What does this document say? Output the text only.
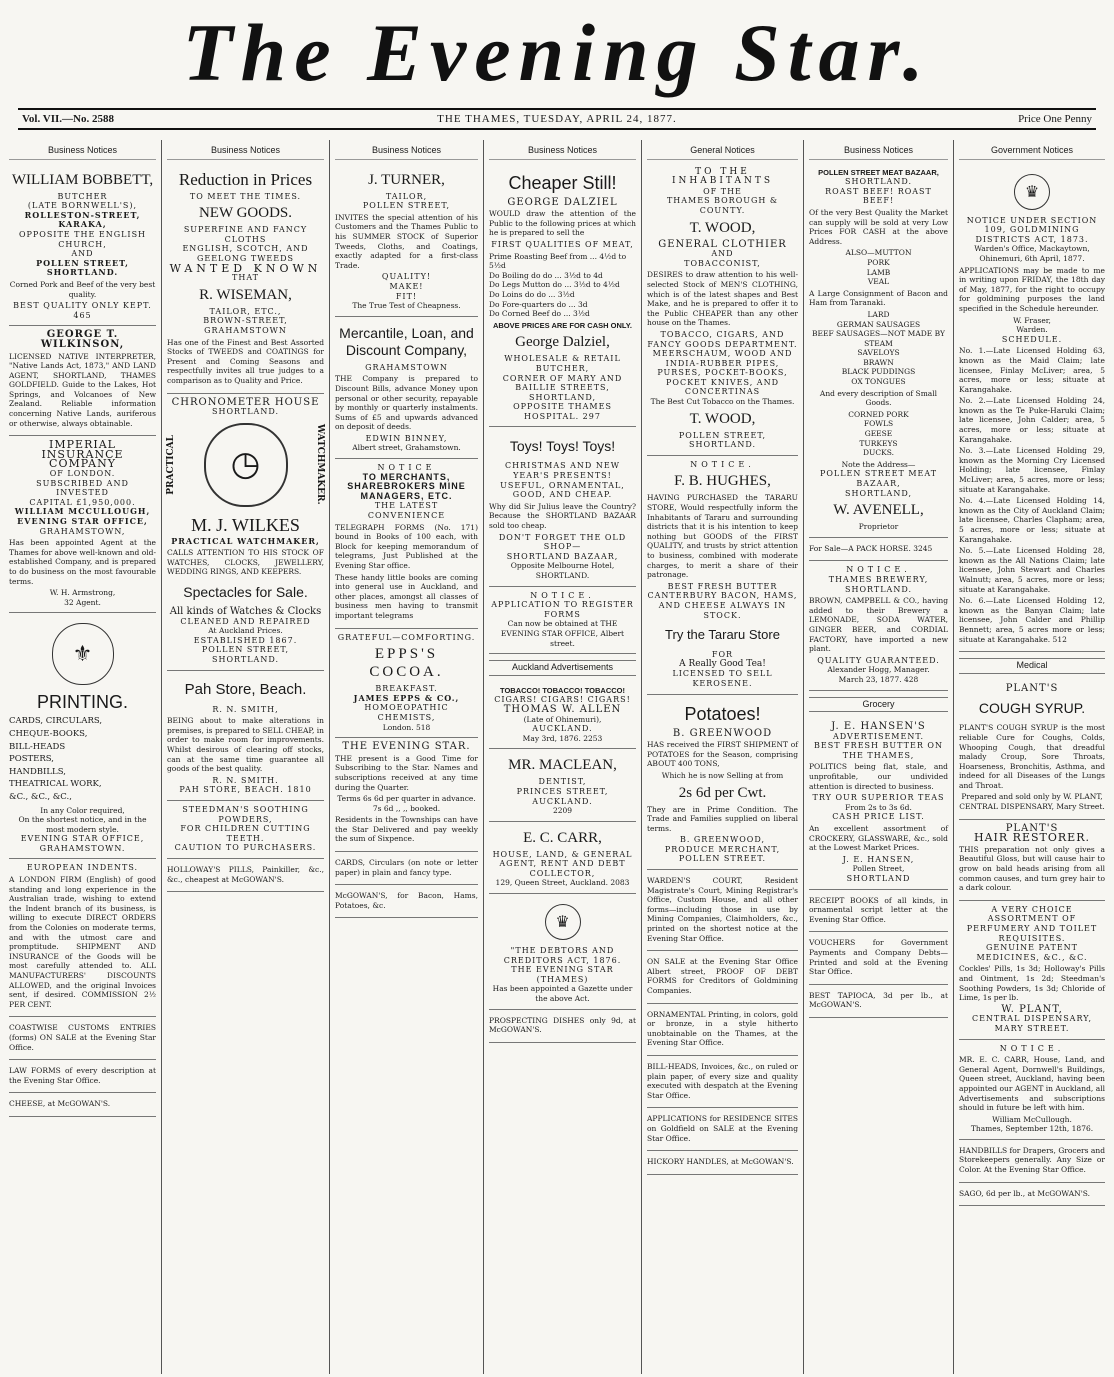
The Evening Star.
Vol. VII.—No. 2588	THE THAMES, TUESDAY, APRIL 24, 1877.	Price One Penny
Business Notices
WILLIAM BOBBETT,
BUTCHER
(LATE BORNWELL'S),
ROLLESTON-STREET, KARAKA,
OPPOSITE THE ENGLISH CHURCH,
AND
POLLEN STREET, SHORTLAND.

Corned Pork and Beef of the very best quality.

BEST QUALITY ONLY KEPT. 465
GEORGE T. WILKINSON,

LICENSED NATIVE INTERPRETER, "Native Lands Act, 1873," AND LAND AGENT, SHORTLAND, THAMES GOLDFIELD. Guide to the Lakes, Hot Springs, and Volcanoes of New Zealand. Reliable information concerning Native Lands, auriferous or otherwise, always obtainable.

IMPERIAL
INSURANCE COMPANY
OF LONDON.
SUBSCRIBED AND INVESTED
CAPITAL £1,950,000.
WILLIAM MCCULLOUGH,
EVENING STAR OFFICE,
GRAHAMSTOWN,

Has been appointed Agent at the Thames for above well-known and old-established Company, and is prepared to do business on the most favourable terms.

W. H. Armstrong,
32 Agent.
⚜
PRINTING.
CARDS, CIRCULARS,
CHEQUE-BOOKS,
BILL-HEADS
POSTERS,
HANDBILLS,
THEATRICAL WORK,
&C., &C., &C.,
In any Color required,
On the shortest notice, and in the most modern style.
EVENING STAR OFFICE,
GRAHAMSTOWN.
EUROPEAN INDENTS.

A LONDON FIRM (English) of good standing and long experience in the Australian trade, wishing to extend the Indent branch of its business, is willing to execute DIRECT ORDERS from the Colonies on moderate terms, and with the utmost care and promptitude. SHIPMENT AND INSURANCE of the Goods will be most carefully attended to. ALL MANUFACTURERS' DISCOUNTS ALLOWED, and the original Invoices sent, if desired. COMMISSION 2½ PER CENT.

COASTWISE CUSTOMS ENTRIES (forms) ON SALE at the Evening Star Office.

LAW FORMS of every description at the Evening Star Office.

CHEESE, at McGOWAN'S.

Business Notices
Reduction in Prices
TO MEET THE TIMES.
NEW GOODS.
SUPERFINE AND FANCY CLOTHS
ENGLISH, SCOTCH, AND GEELONG TWEEDS
WANTED KNOWN
THAT
R. WISEMAN,
TAILOR, ETC.,
BROWN-STREET, GRAHAMSTOWN

Has one of the Finest and Best Assorted Stocks of TWEEDS and COATINGS for Present and Coming Seasons and respectfully invites all true judges to a comparison as to Quality and Price.

CHRONOMETER HOUSE
SHORTLAND.
PRACTICAL	◷	WATCHMAKER.
M. J. WILKES
PRACTICAL WATCHMAKER,

CALLS ATTENTION TO HIS STOCK OF WATCHES, CLOCKS, JEWELLERY, WEDDING RINGS, AND KEEPERS.

Spectacles for Sale.
All kinds of Watches & Clocks
CLEANED AND REPAIRED
At Auckland Prices.
ESTABLISHED 1867.
POLLEN STREET, SHORTLAND.
Pah Store, Beach.
R. N. SMITH,

BEING about to make alterations in premises, is prepared to SELL CHEAP, in order to make room for improvements. Whilst desirous of clearing off stocks, can at the same time guarantee all goods of the best quality.

R. N. SMITH.
PAH STORE, BEACH. 1810
STEEDMAN'S SOOTHING POWDERS,
FOR CHILDREN CUTTING TEETH.
CAUTION TO PURCHASERS.

HOLLOWAY'S PILLS, Painkiller, &c., &c., cheapest at McGOWAN'S.

Business Notices
J. TURNER,
TAILOR,
POLLEN STREET,

INVITES the special attention of his Customers and the Thames Public to his SUMMER STOCK of Superior Tweeds, Cloths, and Coatings, exactly adapted for a first-class Trade.

QUALITY!
MAKE!
FIT!
The True Test of Cheapness.
Mercantile, Loan, and Discount Company,
GRAHAMSTOWN

THE Company is prepared to Discount Bills, advance Money upon personal or other security, repayable by monthly or quarterly instalments. Sums of £5 and upwards advanced on deposit of deeds.

EDWIN BINNEY,
Albert street, Grahamstown.
NOTICE
TO MERCHANTS, SHAREBROKERS MINE MANAGERS, ETC.
THE LATEST CONVENIENCE

TELEGRAPH FORMS (No. 171) bound in Books of 100 each, with Block for keeping memorandum of telegrams, Just Published at the Evening Star office.

These handy little books are coming into general use in Auckland, and other places, amongst all classes of business men having to transmit important telegrams

GRATEFUL—COMFORTING.
EPPS'S COCOA.
BREAKFAST.
JAMES EPPS & CO.,
HOMOEOPATHIC CHEMISTS,
London. 518
THE EVENING STAR.

THE present is a Good Time for Subscribing to the Star. Names and subscriptions received at any time during the Quarter.

Terms 6s 6d per quarter in advance.
7s 6d ,, ,, booked.

Residents in the Townships can have the Star Delivered and pay weekly the sum of Sixpence.

CARDS, Circulars (on note or letter paper) in plain and fancy type.

McGOWAN'S, for Bacon, Hams, Potatoes, &c.

Business Notices
Cheaper Still!
GEORGE DALZIEL

WOULD draw the attention of the Public to the following prices at which he is prepared to sell the

FIRST QUALITIES OF MEAT,
Prime Roasting Beef from ... 4½d to 5½d
Do Boiling do do ... 3½d to 4d
Do Legs Mutton do ... 3½d to 4½d
Do Loins do do ... 3½d
Do Fore-quarters do ... 3d
Do Corned Beef do ... 3½d
ABOVE PRICES ARE FOR CASH ONLY.
George Dalziel,
WHOLESALE & RETAIL BUTCHER,
CORNER OF MARY AND BAILLIE STREETS,
SHORTLAND,
OPPOSITE THAMES HOSPITAL. 297
Toys! Toys! Toys!
CHRISTMAS AND NEW YEAR'S PRESENTS!
USEFUL, ORNAMENTAL, GOOD, AND CHEAP.

Why did Sir Julius leave the Country? Because the SHORTLAND BAZAAR sold too cheap.

DON'T FORGET THE OLD SHOP—
SHORTLAND BAZAAR,
Opposite Melbourne Hotel, SHORTLAND.
NOTICE.
APPLICATION TO REGISTER FORMS
Can now be obtained at THE EVENING STAR OFFICE, Albert street.
Auckland Advertisements
TOBACCO! TOBACCO! TOBACCO!
CIGARS! CIGARS! CIGARS!
THOMAS W. ALLEN
(Late of Ohinemuri),
AUCKLAND.
May 3rd, 1876. 2253
MR. MACLEAN,
DENTIST,
PRINCES STREET, AUCKLAND.
2209
E. C. CARR,
HOUSE, LAND, & GENERAL AGENT, RENT AND DEBT COLLECTOR,
129, Queen Street, Auckland. 2083
♛
"THE DEBTORS AND CREDITORS ACT, 1876.
THE EVENING STAR (THAMES)
Has been appointed a Gazette under the above Act.

PROSPECTING DISHES only 9d, at McGOWAN'S.

General Notices
TO THE INHABITANTS
OF THE
THAMES BOROUGH & COUNTY.
T. WOOD,
GENERAL CLOTHIER
AND
TOBACCONIST,

DESIRES to draw attention to his well-selected Stock of MEN'S CLOTHING, which is of the latest shapes and Best Make, and he is prepared to offer it to the Public CHEAPER than any other house on the Thames.

TOBACCO, CIGARS, AND FANCY GOODS DEPARTMENT.
MEERSCHAUM, WOOD AND INDIA-RUBBER PIPES, PURSES, POCKET-BOOKS, POCKET KNIVES, AND CONCERTINAS
The Best Cut Tobacco on the Thames.
T. WOOD,
POLLEN STREET, SHORTLAND.
NOTICE.
F. B. HUGHES,

HAVING PURCHASED the TARARU STORE, Would respectfully inform the Inhabitants of Tararu and surrounding districts that it is his intention to keep nothing but GOODS of the FIRST QUALITY, and trusts by strict attention to business, combined with moderate charges, to merit a share of their patronage.

BEST FRESH BUTTER
CANTERBURY BACON, HAMS, AND CHEESE ALWAYS IN STOCK.
Try the Tararu Store
FOR
A Really Good Tea!
LICENSED TO SELL KEROSENE.
Potatoes!
B. GREENWOOD

HAS received the FIRST SHIPMENT of POTATOES for the Season, comprising ABOUT 400 TONS,

Which he is now Selling at from
2s 6d per Cwt.

They are in Prime Condition. The Trade and Families supplied on liberal terms.

B. GREENWOOD,
PRODUCE MERCHANT, POLLEN STREET.

WARDEN'S COURT, Resident Magistrate's Court, Mining Registrar's Office, Custom House, and all other forms—including those in use by Mining Companies, Claimholders, &c., printed on the shortest notice at the Evening Star Office.

ON SALE at the Evening Star Office Albert street, PROOF OF DEBT FORMS for Creditors of Goldmining Companies.

ORNAMENTAL Printing, in colors, gold or bronze, in a style hitherto unobtainable on the Thames, at the Evening Star Office.

BILL-HEADS, Invoices, &c., on ruled or plain paper, of every size and quality executed with despatch at the Evening Star Office.

APPLICATIONS for RESIDENCE SITES on Goldfield on SALE at the Evening Star Office.

HICKORY HANDLES, at McGOWAN'S.

Business Notices
POLLEN STREET MEAT BAZAAR,
SHORTLAND.
ROAST BEEF! ROAST BEEF!

Of the very Best Quality the Market can supply will be sold at very Low Prices FOR CASH at the above Address.

ALSO—MUTTON
PORK
LAMB
VEAL

A Large Consignment of Bacon and Ham from Taranaki.

LARD
GERMAN SAUSAGES
BEEF SAUSAGES—NOT MADE BY STEAM
SAVELOYS
BRAWN
BLACK PUDDINGS
OX TONGUES
And every description of Small Goods.
CORNED PORK
FOWLS
GEESE
TURKEYS
DUCKS.
Note the Address—
POLLEN STREET MEAT BAZAAR,
SHORTLAND,
W. AVENELL,
Proprietor

For Sale—A PACK HORSE. 3245

NOTICE.
THAMES BREWERY, SHORTLAND.

BROWN, CAMPBELL & CO., having added to their Brewery a LEMONADE, SODA WATER, GINGER BEER, and CORDIAL FACTORY, have imported a new plant.

QUALITY GUARANTEED.
Alexander Hogg, Manager.
March 23, 1877. 428
Grocery
J. E. HANSEN'S
ADVERTISEMENT.
BEST FRESH BUTTER ON THE THAMES,

POLITICS being flat, stale, and unprofitable, our undivided attention is directed to business.

TRY OUR SUPERIOR TEAS
From 2s to 3s 6d.
CASH PRICE LIST.

An excellent assortment of CROCKERY, GLASSWARE, &c., sold at the Lowest Market Prices.

J. E. HANSEN,
Pollen Street,
SHORTLAND

RECEIPT BOOKS of all kinds, in ornamental script letter at the Evening Star Office.

VOUCHERS for Government Payments and Company Debts—Printed and sold at the Evening Star Office.

BEST TAPIOCA, 3d per lb., at McGOWAN'S.

Government Notices
♛
NOTICE UNDER SECTION 109, GOLDMINING DISTRICTS ACT, 1873.
Warden's Office, Mackaytown, Ohinemuri, 6th April, 1877.

APPLICATIONS may be made to me in writing upon FRIDAY, the 18th day of May, 1877, for the right to occupy for goldmining purposes the land specified in the Schedule hereunder.

W. Fraser,
Warden.
SCHEDULE.

No. 1.—Late Licensed Holding 63, known as the Maid Claim; late licensee, Finlay McLiver; area, 5 acres, more or less; situate at Karangahake.

No. 2.—Late Licensed Holding 24, known as the Te Puke-Haruki Claim; late licensee, John Calder; area, 5 acres, more or less; situate at Karangahake.

No. 3.—Late Licensed Holding 29, known as the Morning Cry Licensed Holding; late licensee, Finlay McLiver; area, 5 acres, more or less; situate at Karangahake.

No. 4.—Late Licensed Holding 14, known as the City of Auckland Claim; late licensee, Charles Clapham; area, 5 acres, more or less; situate at Karangahake.

No. 5.—Late Licensed Holding 28, known as the All Nations Claim; late licensee, John Stewart and Charles Walnutt; area, 5 acres, more or less; situate at Karangahake.

No. 6.—Late Licensed Holding 12, known as the Banyan Claim; late licensee, John Calder and Phillip Bennett; area, 5 acres more or less; situate at Karangahake. 512

Medical
PLANT'S
COUGH SYRUP.

PLANT'S COUGH SYRUP is the most reliable Cure for Coughs, Colds, Whooping Cough, that dreadful malady Croup, Sore Throats, Hoarseness, Bronchitis, Asthma, and indeed for all Diseases of the Lungs and Throat.

Prepared and sold only by W. PLANT, CENTRAL DISPENSARY, Mary Street.

PLANT'S
HAIR RESTORER.

THIS preparation not only gives a Beautiful Gloss, but will cause hair to grow on bald heads arising from all common causes, and turn grey hair to a dark colour.

A VERY CHOICE ASSORTMENT OF PERFUMERY AND TOILET REQUISITES.
GENUINE PATENT MEDICINES, &C., &C.

Cockles' Pills, 1s 3d; Holloway's Pills and Ointment, 1s 2d; Steedman's Soothing Powders, 1s 3d; Chloride of Lime, 1s per lb.

W. PLANT,
CENTRAL DISPENSARY, MARY STREET.
NOTICE.

MR. E. C. CARR, House, Land, and General Agent, Dornwell's Buildings, Queen street, Auckland, having been appointed our AGENT in Auckland, all Advertisements and subscriptions should in future be left with him.

William McCullough.
Thames, September 12th, 1876.

HANDBILLS for Drapers, Grocers and Storekeepers generally. Any Size or Color. At the Evening Star Office.

SAGO, 6d per lb., at McGOWAN'S.
